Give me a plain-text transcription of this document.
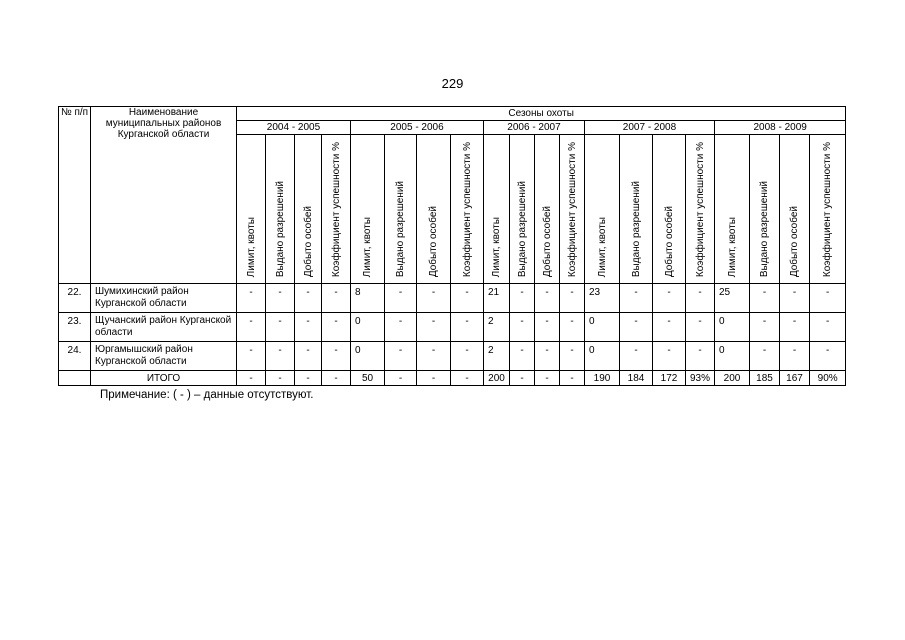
229
№ п/п	Наименование муниципальных районов Курганской области	Сезоны охоты																			
		2004 - 2005				2005 - 2006				2006 - 2007				2007 - 2008				2008 - 2009			

		Лимит, квоты	Выдано разрешений	Добыто особей	Коэффициент успешности %	Лимит, квоты	Выдано разрешений	Добыто особей	Коэффициент успешности %	Лимит, квоты	Выдано разрешений	Добыто особей	Коэффициент успешности %	Лимит, квоты	Выдано разрешений	Добыто особей	Коэффициент успешности %	Лимит, квоты	Выдано разрешений	Добыто особей	Коэффициент успешности %

22.	Шумихинский район Курганской области	-	-	-	-	8	-	-	-	21	-	-	-	23	-	-	-	25	-	-	-
23.	Щучанский район Курганской области	-	-	-	-	0	-	-	-	2	-	-	-	0	-	-	-	0	-	-	-
24.	Юргамышский район Курганской области	-	-	-	-	0	-	-	-	2	-	-	-	0	-	-	-	0	-	-	-
	ИТОГО	-	-	-	-	50	-	-	-	200	-	-	-	190	184	172	93%	200	185	167	90%
Примечание: ( - ) – данные отсутствуют.
